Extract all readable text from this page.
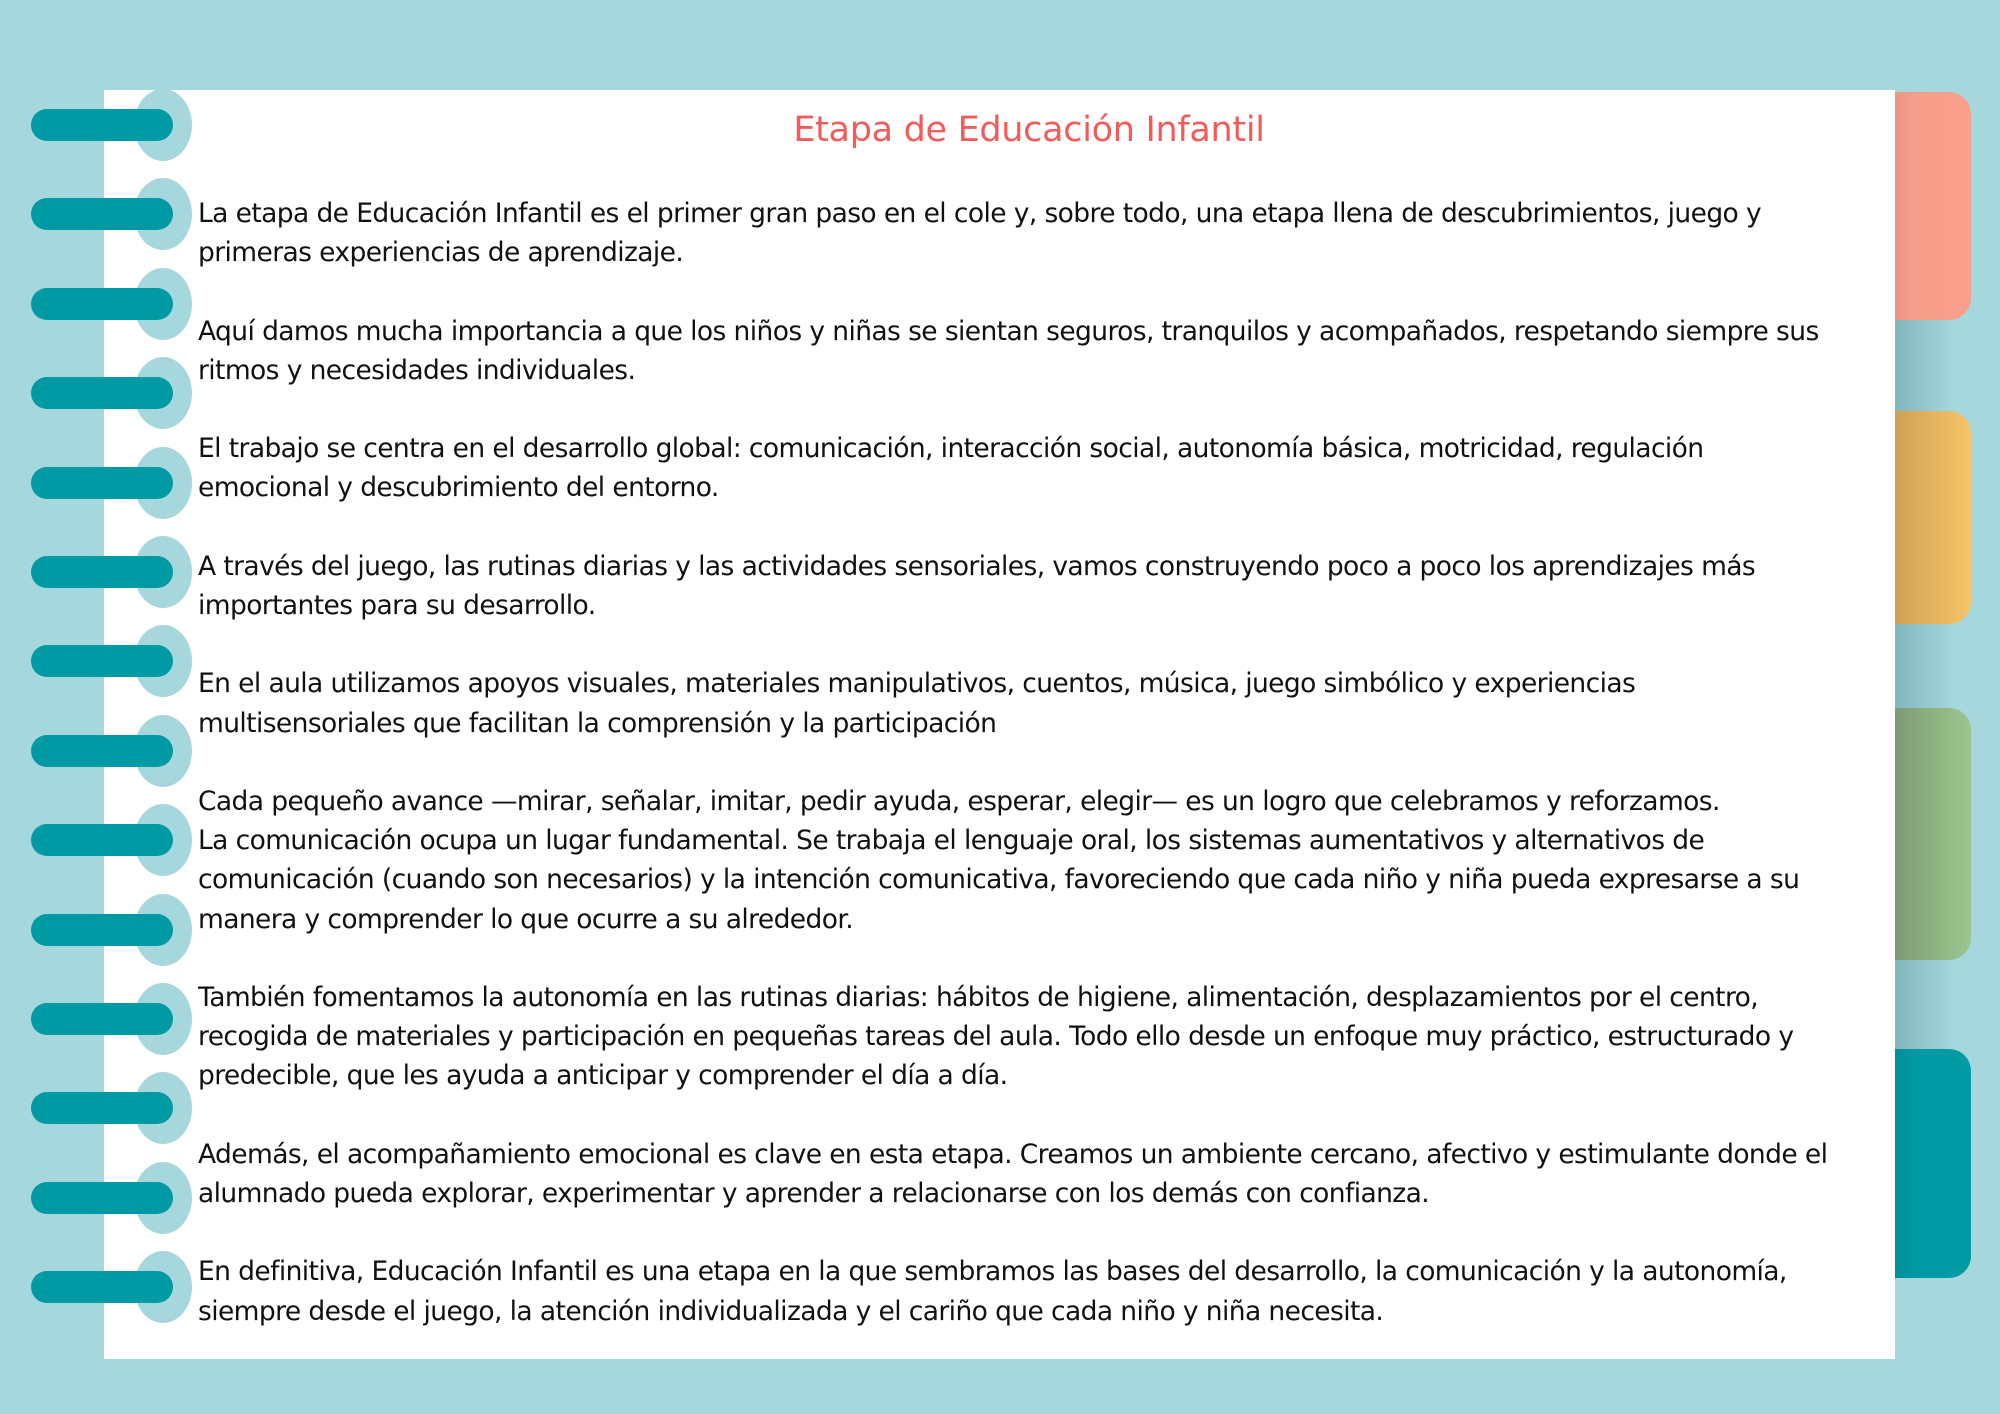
Etapa de Educación Infantil

La etapa de Educación Infantil es el primer gran paso en el cole y, sobre todo, una etapa llena de descubrimientos, juego y
primeras experiencias de aprendizaje.

Aquí damos mucha importancia a que los niños y niñas se sientan seguros, tranquilos y acompañados, respetando siempre sus
ritmos y necesidades individuales.

El trabajo se centra en el desarrollo global: comunicación, interacción social, autonomía básica, motricidad, regulación
emocional y descubrimiento del entorno.

A través del juego, las rutinas diarias y las actividades sensoriales, vamos construyendo poco a poco los aprendizajes más
importantes para su desarrollo.

En el aula utilizamos apoyos visuales, materiales manipulativos, cuentos, música, juego simbólico y experiencias
multisensoriales que facilitan la comprensión y la participación

Cada pequeño avance —mirar, señalar, imitar, pedir ayuda, esperar, elegir— es un logro que celebramos y reforzamos.
La comunicación ocupa un lugar fundamental. Se trabaja el lenguaje oral, los sistemas aumentativos y alternativos de
comunicación (cuando son necesarios) y la intención comunicativa, favoreciendo que cada niño y niña pueda expresarse a su
manera y comprender lo que ocurre a su alrededor.

También fomentamos la autonomía en las rutinas diarias: hábitos de higiene, alimentación, desplazamientos por el centro,
recogida de materiales y participación en pequeñas tareas del aula. Todo ello desde un enfoque muy práctico, estructurado y
predecible, que les ayuda a anticipar y comprender el día a día.

Además, el acompañamiento emocional es clave en esta etapa. Creamos un ambiente cercano, afectivo y estimulante donde el
alumnado pueda explorar, experimentar y aprender a relacionarse con los demás con confianza.

En definitiva, Educación Infantil es una etapa en la que sembramos las bases del desarrollo, la comunicación y la autonomía,
siempre desde el juego, la atención individualizada y el cariño que cada niño y niña necesita.
